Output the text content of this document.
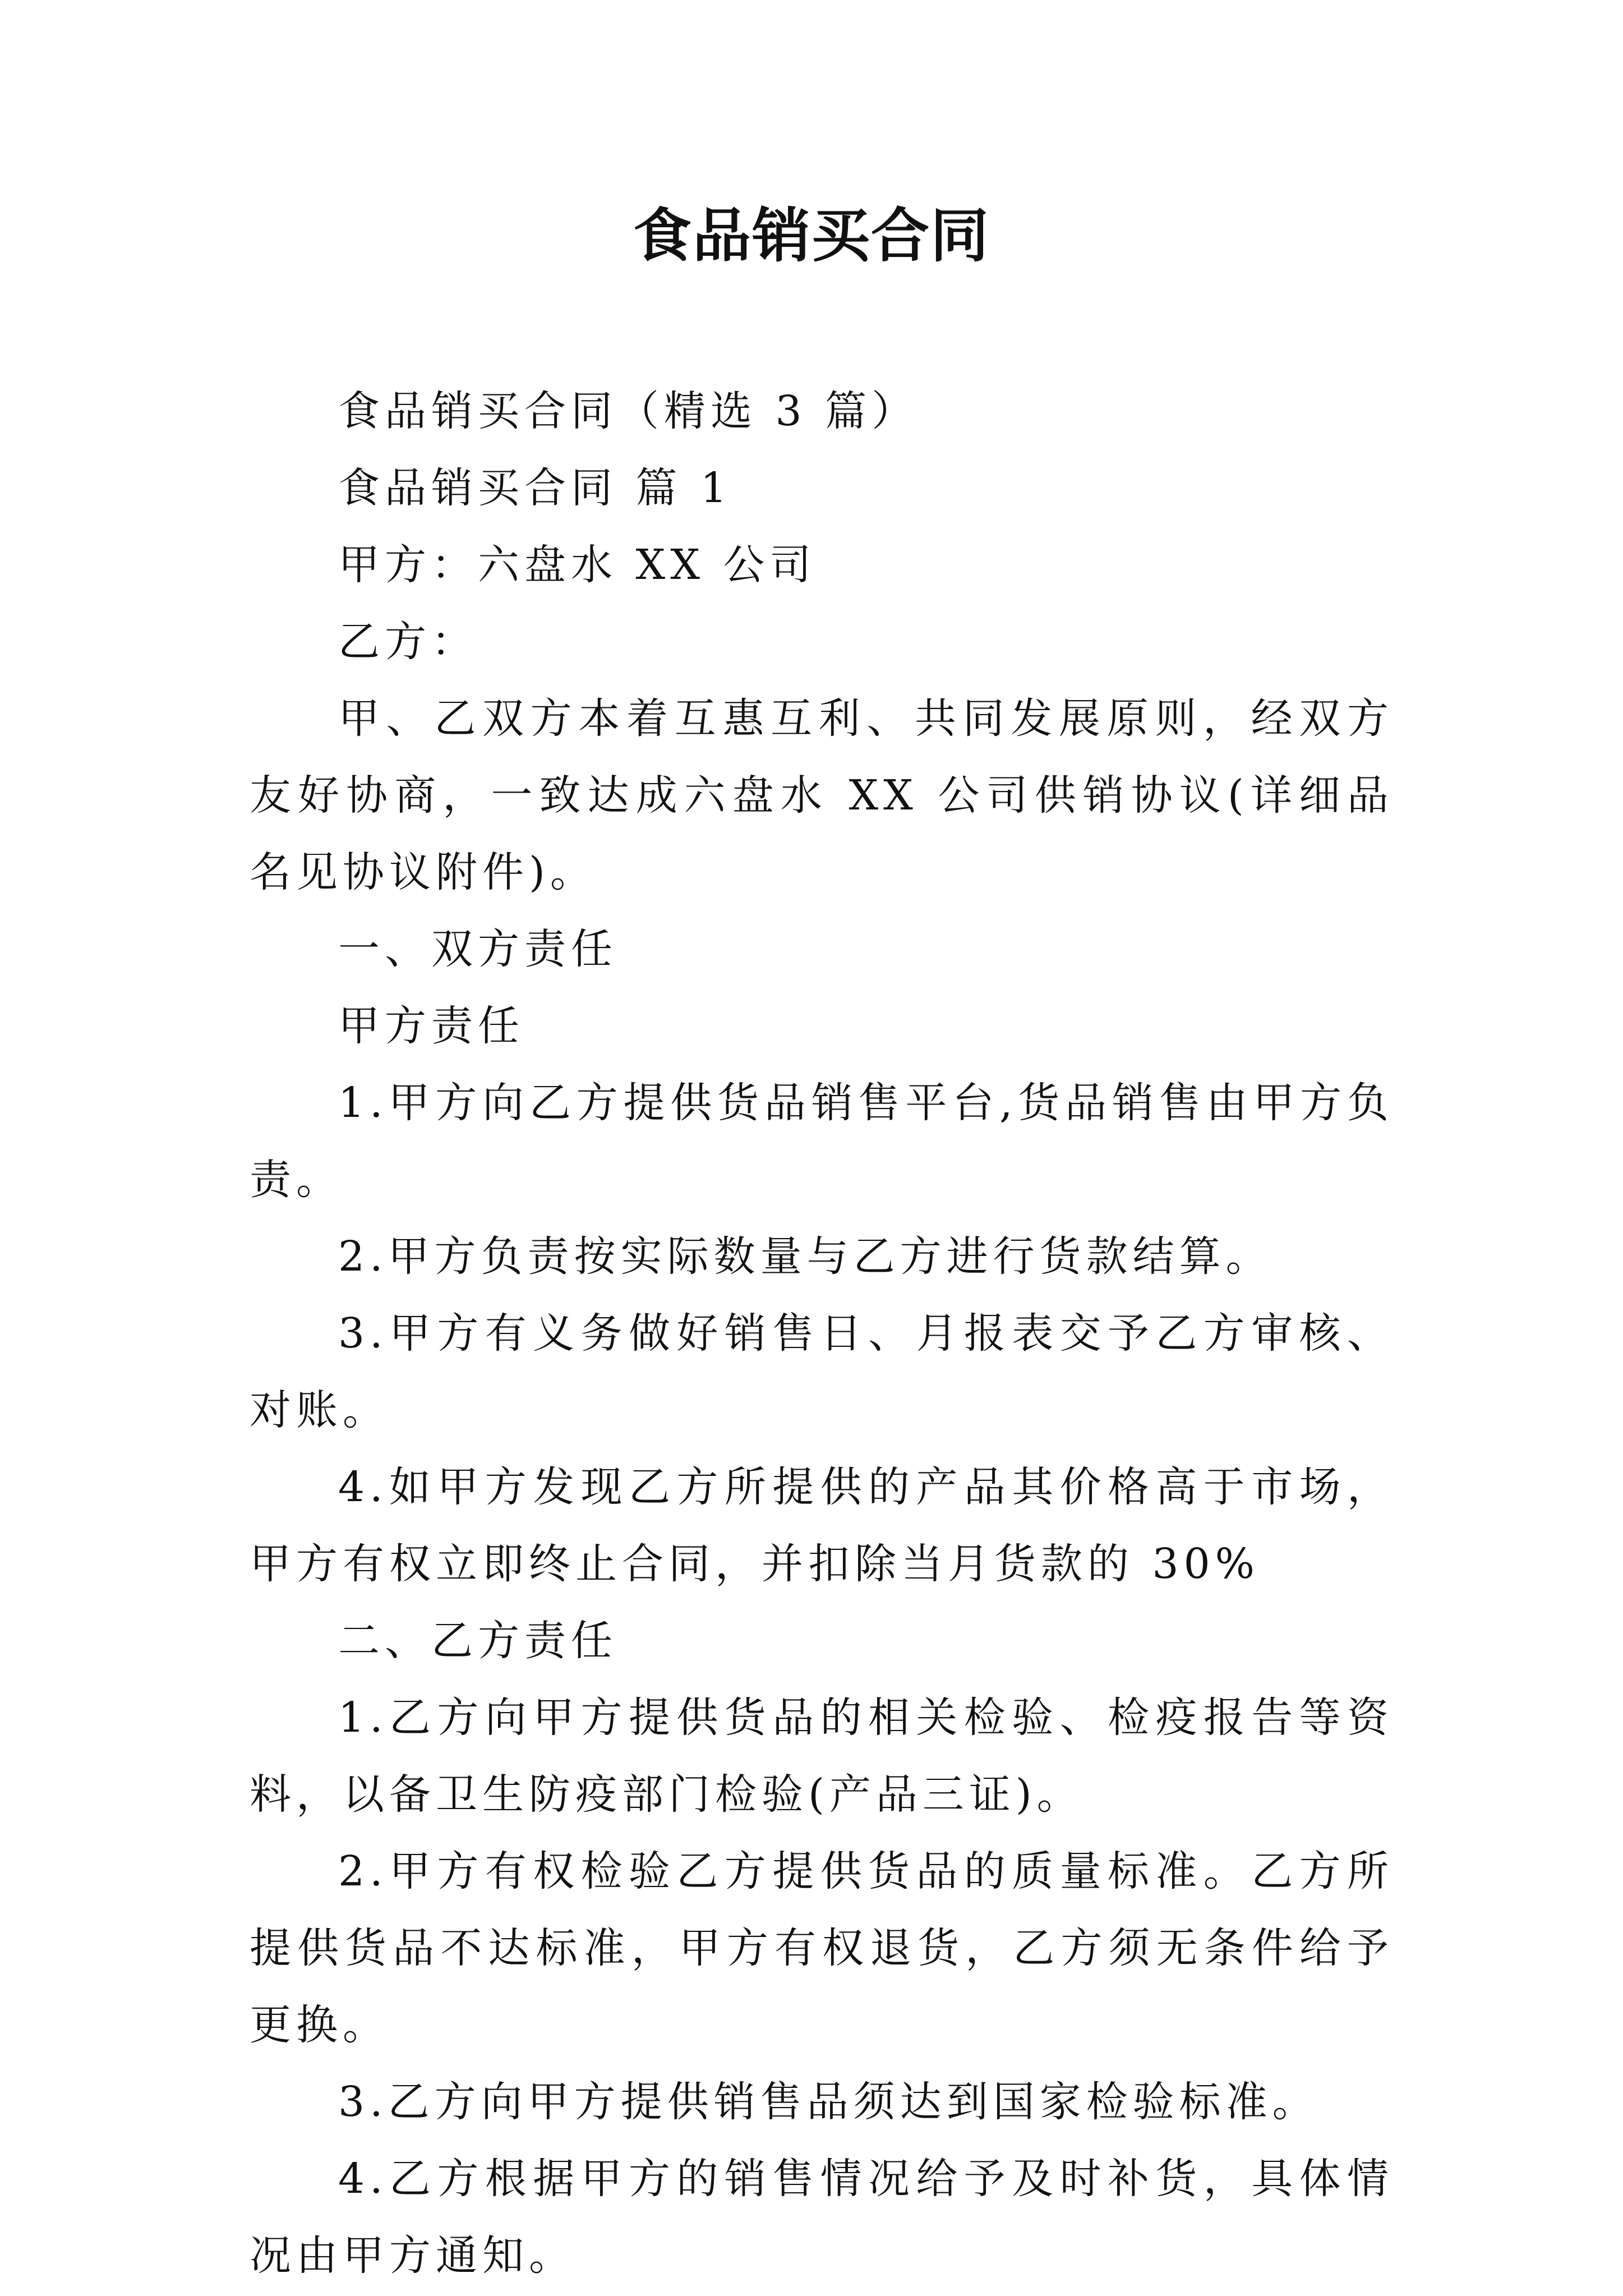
食品销买合同

食品销买合同（精选 3 篇）

食品销买合同 篇 1

甲方：六盘水 XX 公司

乙方：

甲、乙双方本着互惠互利、共同发展原则，经双方友好协商，一致达成六盘水 XX 公司供销协议(详细品名见协议附件)。

一、双方责任

甲方责任

1.甲方向乙方提供货品销售平台,货品销售由甲方负责。

2.甲方负责按实际数量与乙方进行货款结算。

3.甲方有义务做好销售日、月报表交予乙方审核、对账。

4.如甲方发现乙方所提供的产品其价格高于市场，甲方有权立即终止合同，并扣除当月货款的 30%

二、乙方责任

1.乙方向甲方提供货品的相关检验、检疫报告等资料，以备卫生防疫部门检验(产品三证)。

2.甲方有权检验乙方提供货品的质量标准。乙方所提供货品不达标准，甲方有权退货，乙方须无条件给予更换。

3.乙方向甲方提供销售品须达到国家检验标准。

4.乙方根据甲方的销售情况给予及时补货，具体情况由甲方通知。
